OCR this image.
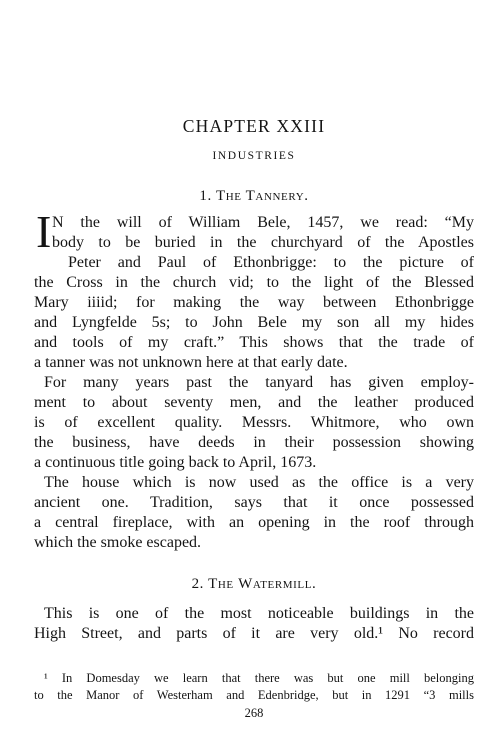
CHAPTER XXIII
INDUSTRIES
1. The Tannery.
I N the will of William Bele, 1457, we read: “My
body to be buried in the churchyard of the Apostles
Peter and Paul of Ethonbrigge: to the picture of
the Cross in the church vid; to the light of the Blessed
Mary iiiid; for making the way between Ethonbrigge
and Lyngfelde 5s; to John Bele my son all my hides
and tools of my craft.” This shows that the trade of
a tanner was not unknown here at that early date.
For many years past the tanyard has given employ-
ment to about seventy men, and the leather produced
is of excellent quality. Messrs. Whitmore, who own
the business, have deeds in their possession showing
a continuous title going back to April, 1673.
The house which is now used as the office is a very
ancient one. Tradition, says that it once possessed
a central fireplace, with an opening in the roof through
which the smoke escaped.
2. The Watermill.
This is one of the most noticeable buildings in the
High Street, and parts of it are very old.¹ No record
¹ In Domesday we learn that there was but one mill belonging
to the Manor of Westerham and Edenbridge, but in 1291 “3 mills
268
